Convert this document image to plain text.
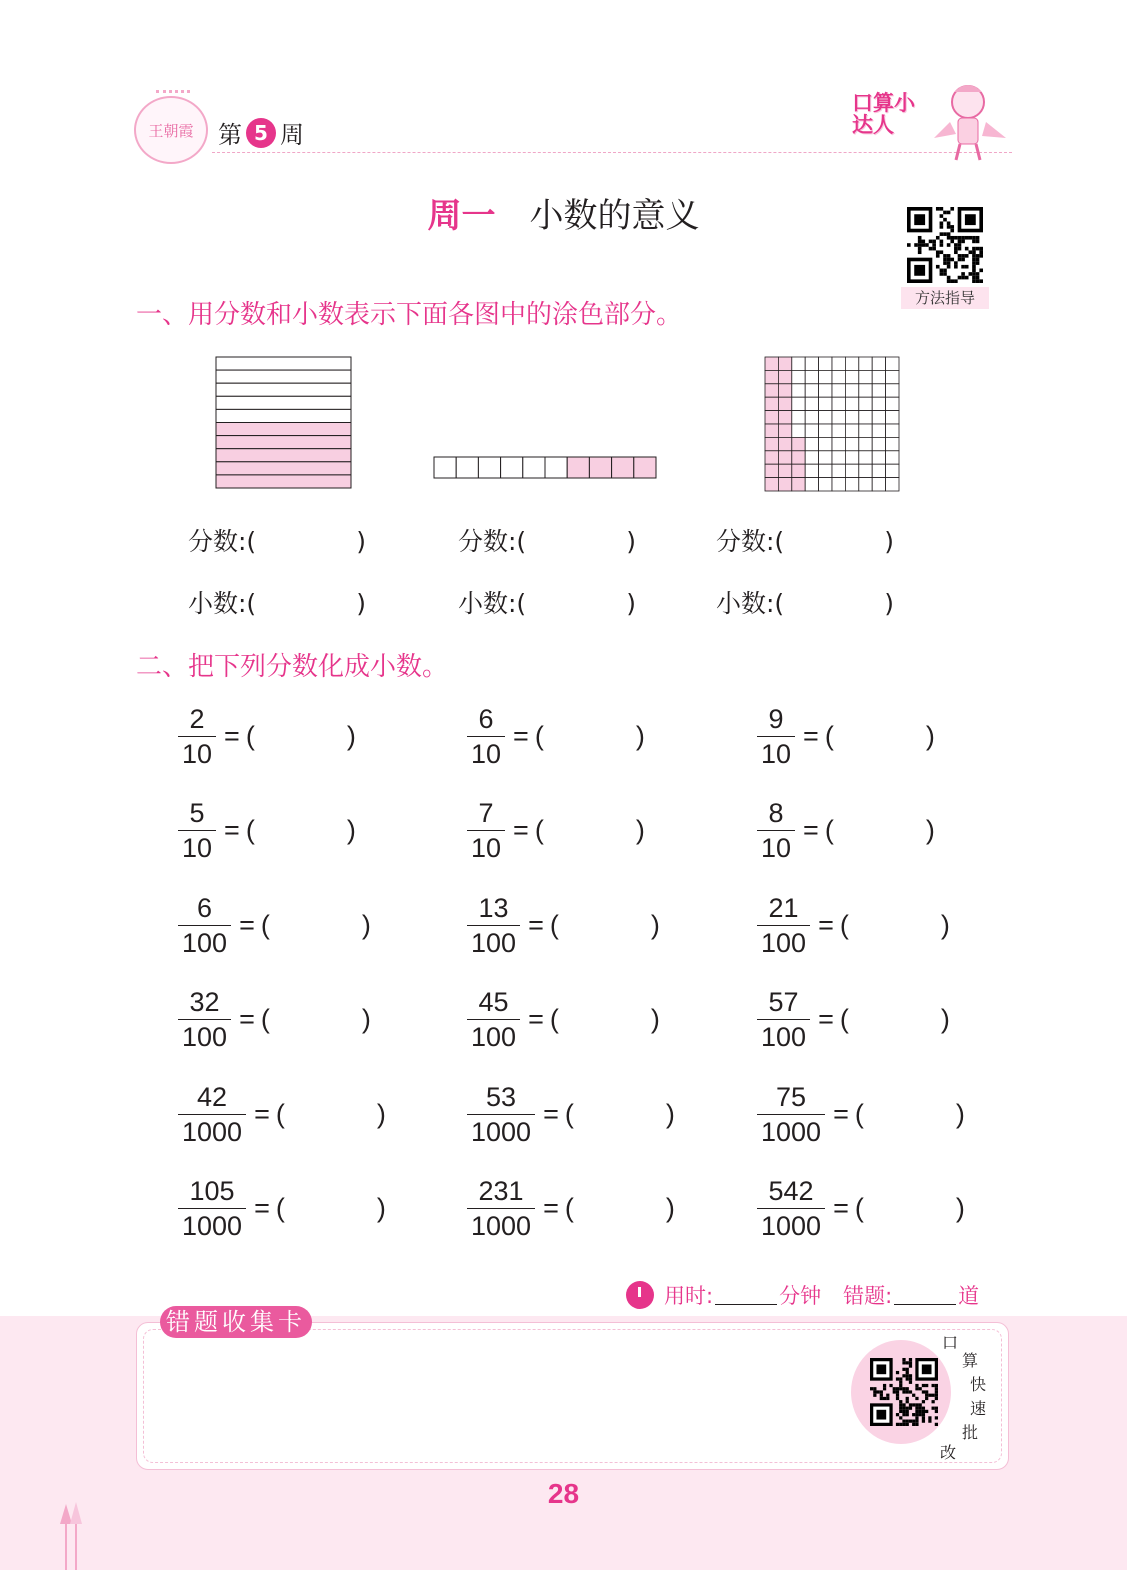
王朝霞 第 5 周
口算小达人
周一 小数的意义
方法指导
一、用分数和小数表示下面各图中的涂色部分。
分数:(	)	分数:(	)	分数:(	)
小数:(	)	小数:(	)	小数:(	)
二、把下列分数化成小数。
$\frac{2}{10}$ = (	)	$\frac{6}{10}$ = (	)	$\frac{9}{10}$ = (	)
$\frac{5}{10}$ = (	)	$\frac{7}{10}$ = (	)	$\frac{8}{10}$ = (	)
$\frac{6}{100}$ = (	)	$\frac{13}{100}$ = (	)	$\frac{21}{100}$ = (	)
$\frac{32}{100}$ = (	)	$\frac{45}{100}$ = (	)	$\frac{57}{100}$ = (	)
$\frac{42}{1000}$ = (	)	$\frac{53}{1000}$ = (	)	$\frac{75}{1000}$ = (	)
$\frac{105}{1000}$ = (	)	$\frac{231}{1000}$ = (	)	$\frac{542}{1000}$ = (	)
用时:	分钟 错题:	道
错题收集卡
口
算
快
速
批
改
28
